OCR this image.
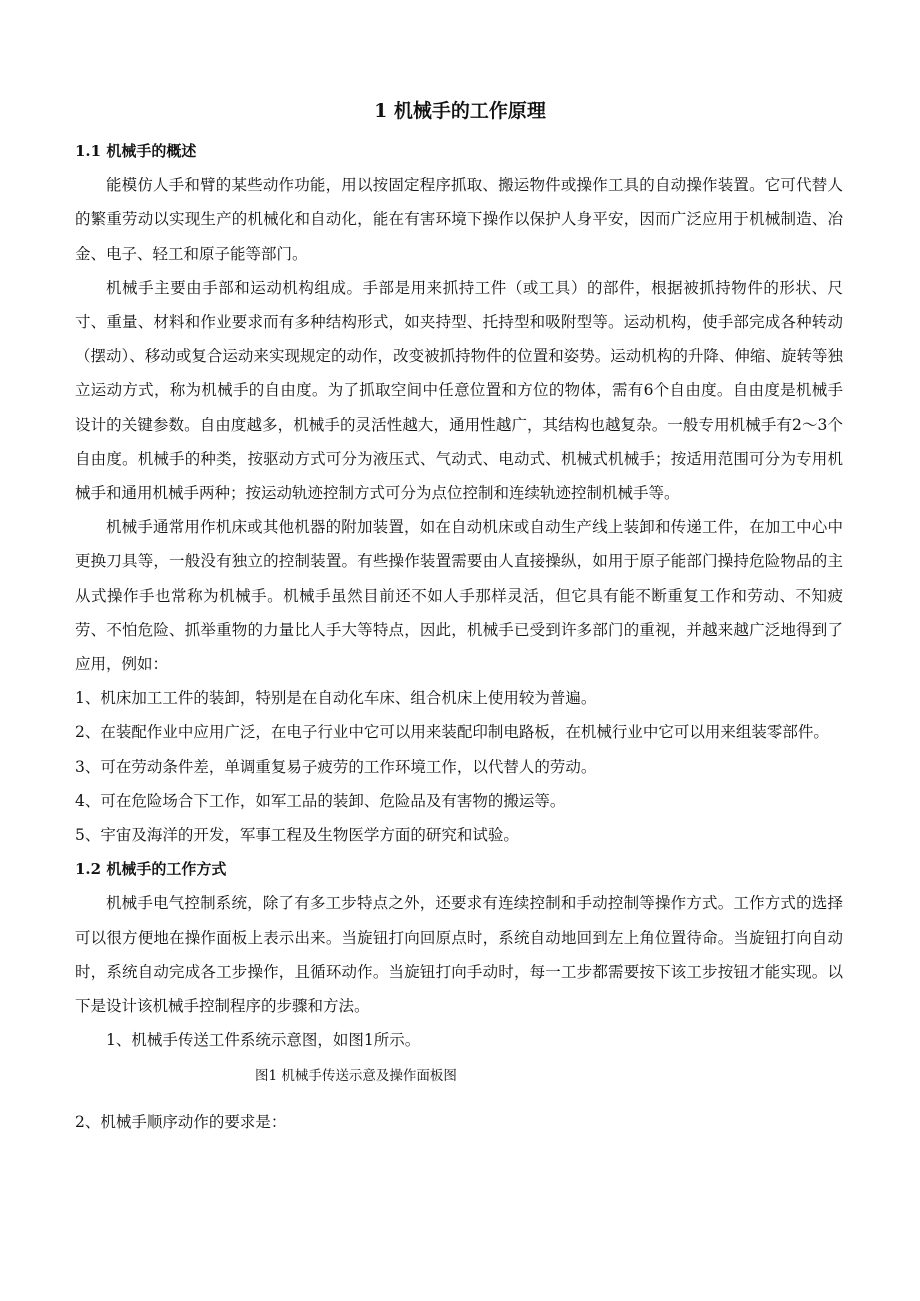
1 机械手的工作原理

1.1 机械手的概述

能模仿人手和臂的某些动作功能，用以按固定程序抓取、搬运物件或操作工具的自动操作装置。它可代替人的繁重劳动以实现生产的机械化和自动化，能在有害环境下操作以保护人身平安，因而广泛应用于机械制造、冶金、电子、轻工和原子能等部门。

机械手主要由手部和运动机构组成。手部是用来抓持工件（或工具）的部件，根据被抓持物件的形状、尺寸、重量、材料和作业要求而有多种结构形式，如夹持型、托持型和吸附型等。运动机构，使手部完成各种转动（摆动）、移动或复合运动来实现规定的动作，改变被抓持物件的位置和姿势。运动机构的升降、伸缩、旋转等独立运动方式，称为机械手的自由度。为了抓取空间中任意位置和方位的物体，需有6个自由度。自由度是机械手设计的关键参数。自由度越多，机械手的灵活性越大，通用性越广，其结构也越复杂。一般专用机械手有2～3个自由度。机械手的种类，按驱动方式可分为液压式、气动式、电动式、机械式机械手；按适用范围可分为专用机械手和通用机械手两种；按运动轨迹控制方式可分为点位控制和连续轨迹控制机械手等。

机械手通常用作机床或其他机器的附加装置，如在自动机床或自动生产线上装卸和传递工件，在加工中心中更换刀具等，一般没有独立的控制装置。有些操作装置需要由人直接操纵，如用于原子能部门操持危险物品的主从式操作手也常称为机械手。机械手虽然目前还不如人手那样灵活，但它具有能不断重复工作和劳动、不知疲劳、不怕危险、抓举重物的力量比人手大等特点，因此，机械手已受到许多部门的重视，并越来越广泛地得到了应用，例如：

1、机床加工工件的装卸，特别是在自动化车床、组合机床上使用较为普遍。

2、在装配作业中应用广泛，在电子行业中它可以用来装配印制电路板，在机械行业中它可以用来组装零部件。

3、可在劳动条件差，单调重复易子疲劳的工作环境工作，以代替人的劳动。

4、可在危险场合下工作，如军工品的装卸、危险品及有害物的搬运等。

5、宇宙及海洋的开发，军事工程及生物医学方面的研究和试验。

1.2 机械手的工作方式

机械手电气控制系统，除了有多工步特点之外，还要求有连续控制和手动控制等操作方式。工作方式的选择可以很方便地在操作面板上表示出来。当旋钮打向回原点时，系统自动地回到左上角位置待命。当旋钮打向自动时，系统自动完成各工步操作，且循环动作。当旋钮打向手动时，每一工步都需要按下该工步按钮才能实现。以下是设计该机械手控制程序的步骤和方法。

1、机械手传送工件系统示意图，如图1所示。

图1 机械手传送示意及操作面板图

2、机械手顺序动作的要求是：
